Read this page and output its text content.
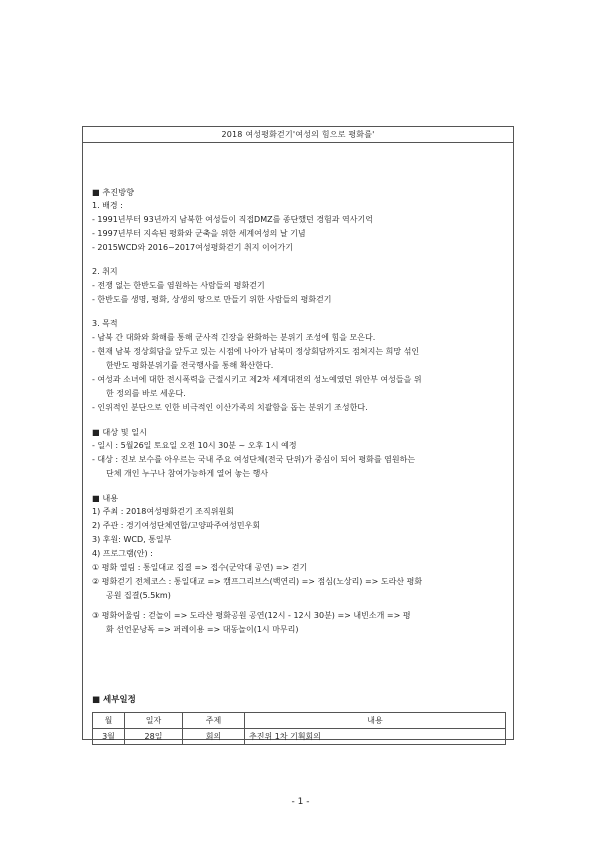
2018 여성평화걷기'여성의 힘으로 평화를'
■ 추진방향
1. 배경 :
- 1991년부터 93년까지 남북한 여성들이 직접DMZ를 종단했던 경험과 역사기억
- 1997년부터 지속된 평화와 군축을 위한 세계여성의 날 기념
- 2015WCD와 2016~2017여성평화걷기 취지 이어가기
2. 취지
- 전쟁 없는 한반도를 염원하는 사람들의 평화걷기
- 한반도를 생명, 평화, 상생의 땅으로 만들기 위한 사람들의 평화걷기
3. 목적
- 남북 간 대화와 화해를 통해 군사적 긴장을 완화하는 분위기 조성에 힘을 모은다.
- 현재 남북 정상회담을 앞두고 있는 시점에 나아가 남북미 정상회담까지도 점쳐지는 희망 섞인
한반도 평화분위기를 전국행사를 통해 확산한다.
- 여성과 소녀에 대한 전시폭력을 근절시키고 제2차 세계대전의 성노예였던 위안부 여성들을 위
한 정의를 바로 세운다.
- 인위적인 분단으로 인한 비극적인 이산가족의 치괄함을 돕는 분위기 조성한다.
■ 대상 및 일시
- 일시 : 5월26일 토요일 오전 10시 30분 ~ 오후 1시 예정
- 대상 : 진보 보수를 아우르는 국내 주요 여성단체(전국 단위)가 중심이 되어 평화를 염원하는
단체 개인 누구나 참여가능하게 열어 놓는 행사
■ 내용
1) 주최 : 2018여성평화걷기 조직위원회
2) 주관 : 경기여성단체연합/고양파주여성민우회
3) 후원: WCD, 통일부
4) 프로그램(안) :
① 평화 열림 : 통일대교 집결 => 접수(군악대 공연) => 걷기
② 평화걷기 전체코스 : 통일대교 => 캠프그리브스(백연리) => 점심(노상리) => 도라산 평화
공원 집결(5.5km)
③ 평화어울림 : 걷놀이 => 도라산 평화공원 공연(12시 - 12시 30분) => 내빈소개 => 평
화 선언문낭독 => 퍼레이용 => 대동놀이(1시 마무리)
■ 세부일정
월	일자	주제	내용
3월	28일	회의	추진위 1차 기획회의
- 1 -
